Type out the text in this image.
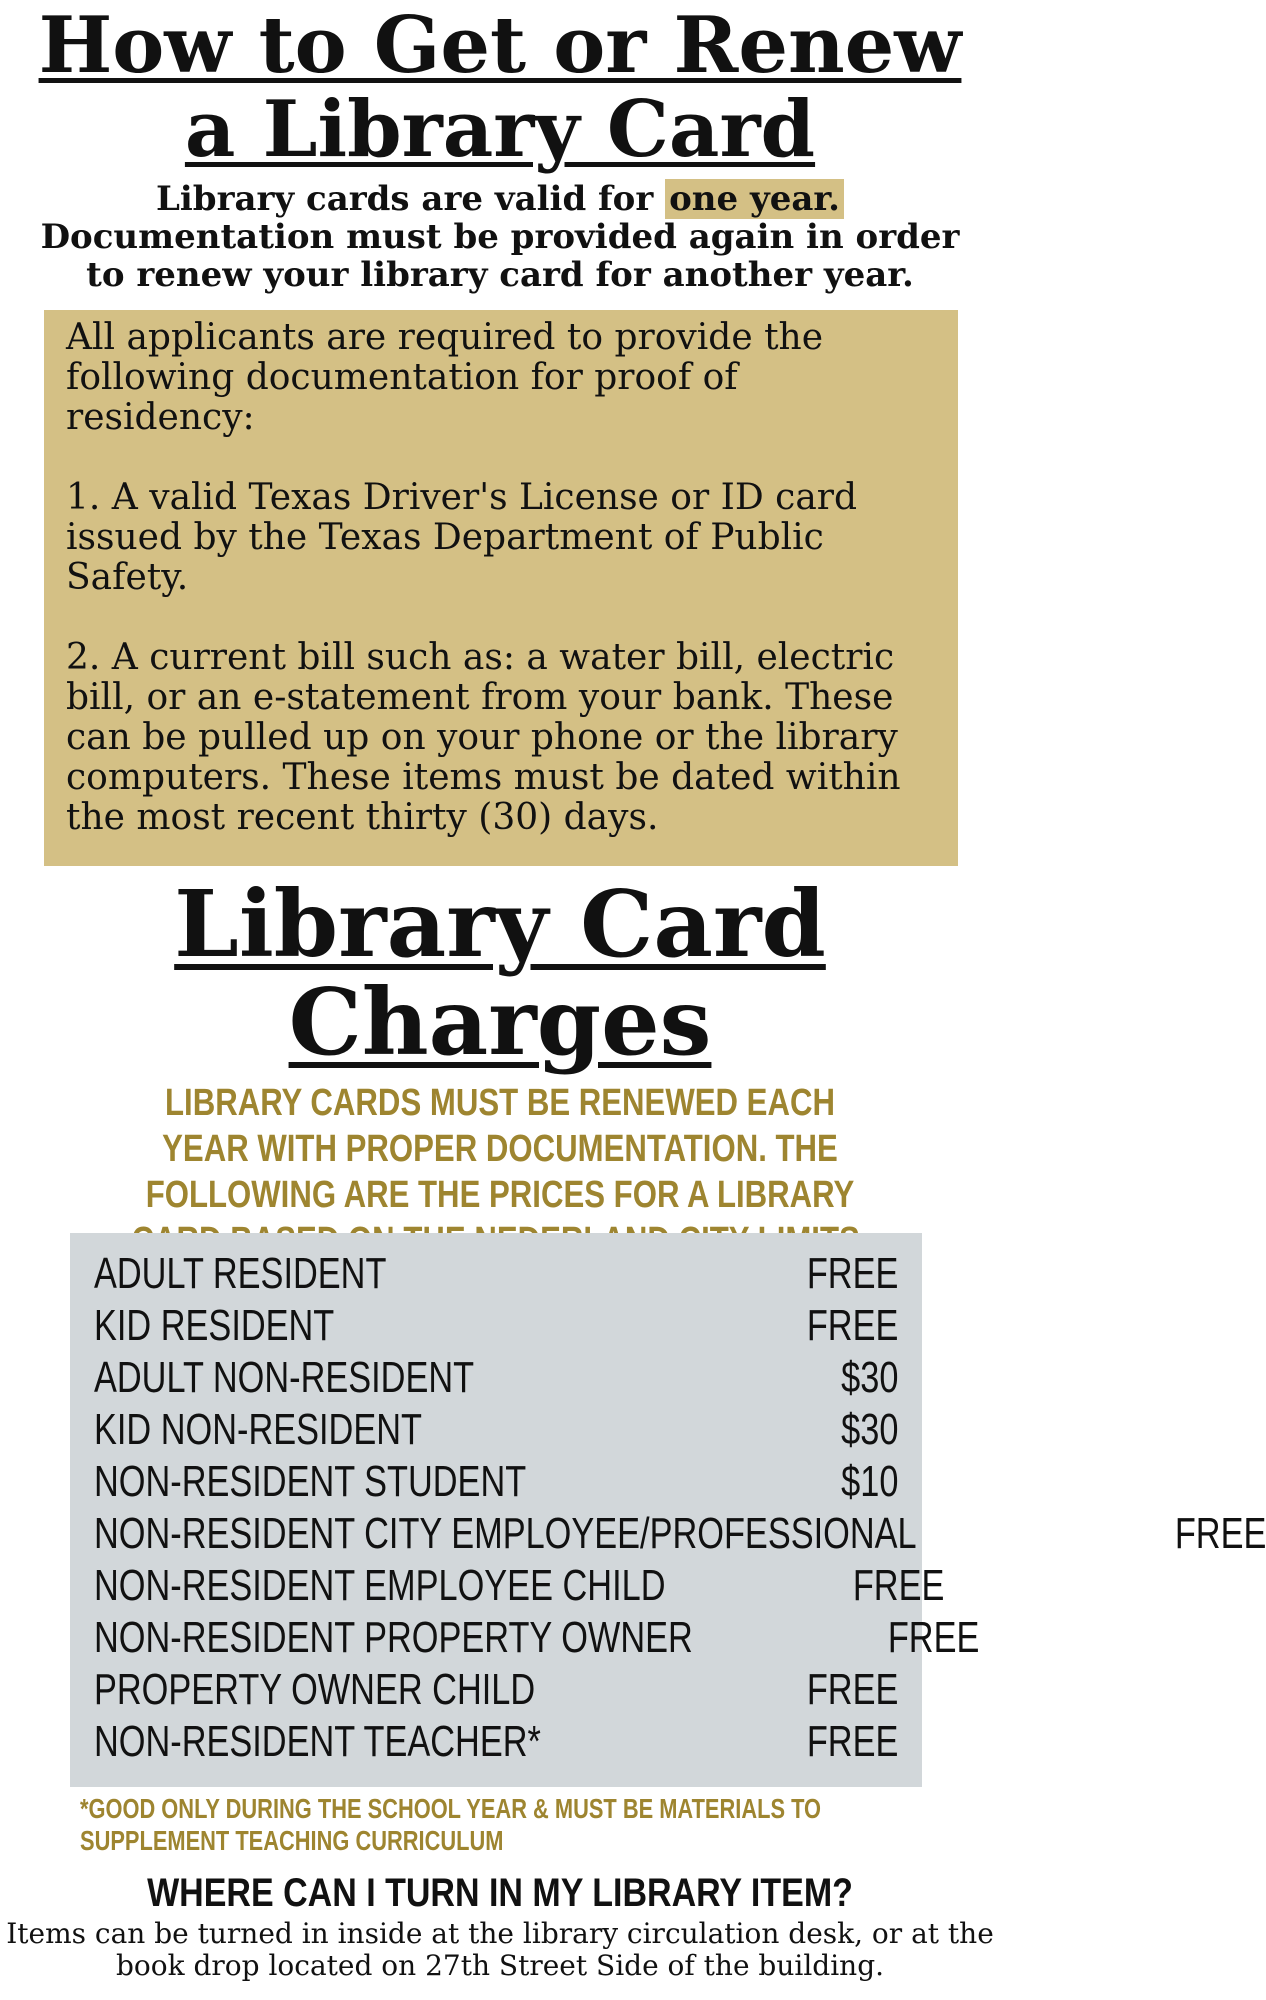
How to Get or Renew a Library Card
Library cards are valid for one year.
Documentation must be provided again in order to renew your library card for another year.

All applicants are required to provide the following documentation for proof of residency:

1. A valid Texas Driver's License or ID card issued by the Texas Department of Public Safety.

2. A current bill such as: a water bill, electric bill, or an e-statement from your bank. These can be pulled up on your phone or the library computers. These items must be dated within the most recent thirty (30) days.

Library Card Charges

LIBRARY CARDS MUST BE RENEWED EACH YEAR WITH PROPER DOCUMENTATION. THE FOLLOWING ARE THE PRICES FOR A LIBRARY

ADULT RESIDENT	FREE
KID RESIDENT	FREE
ADULT NON-RESIDENT	$30
KID NON-RESIDENT	$30
NON-RESIDENT STUDENT	$10
NON-RESIDENT CITY EMPLOYEE/PROFESSIONAL	FREE
NON-RESIDENT EMPLOYEE CHILD	FREE
NON-RESIDENT PROPERTY OWNER	FREE
PROPERTY OWNER CHILD	FREE
NON-RESIDENT TEACHER*	FREE

*GOOD ONLY DURING THE SCHOOL YEAR & MUST BE MATERIALS TO SUPPLEMENT TEACHING CURRICULUM

WHERE CAN I TURN IN MY LIBRARY ITEM?

Items can be turned in inside at the library circulation desk, or at the book drop located on 27th Street Side of the building.
